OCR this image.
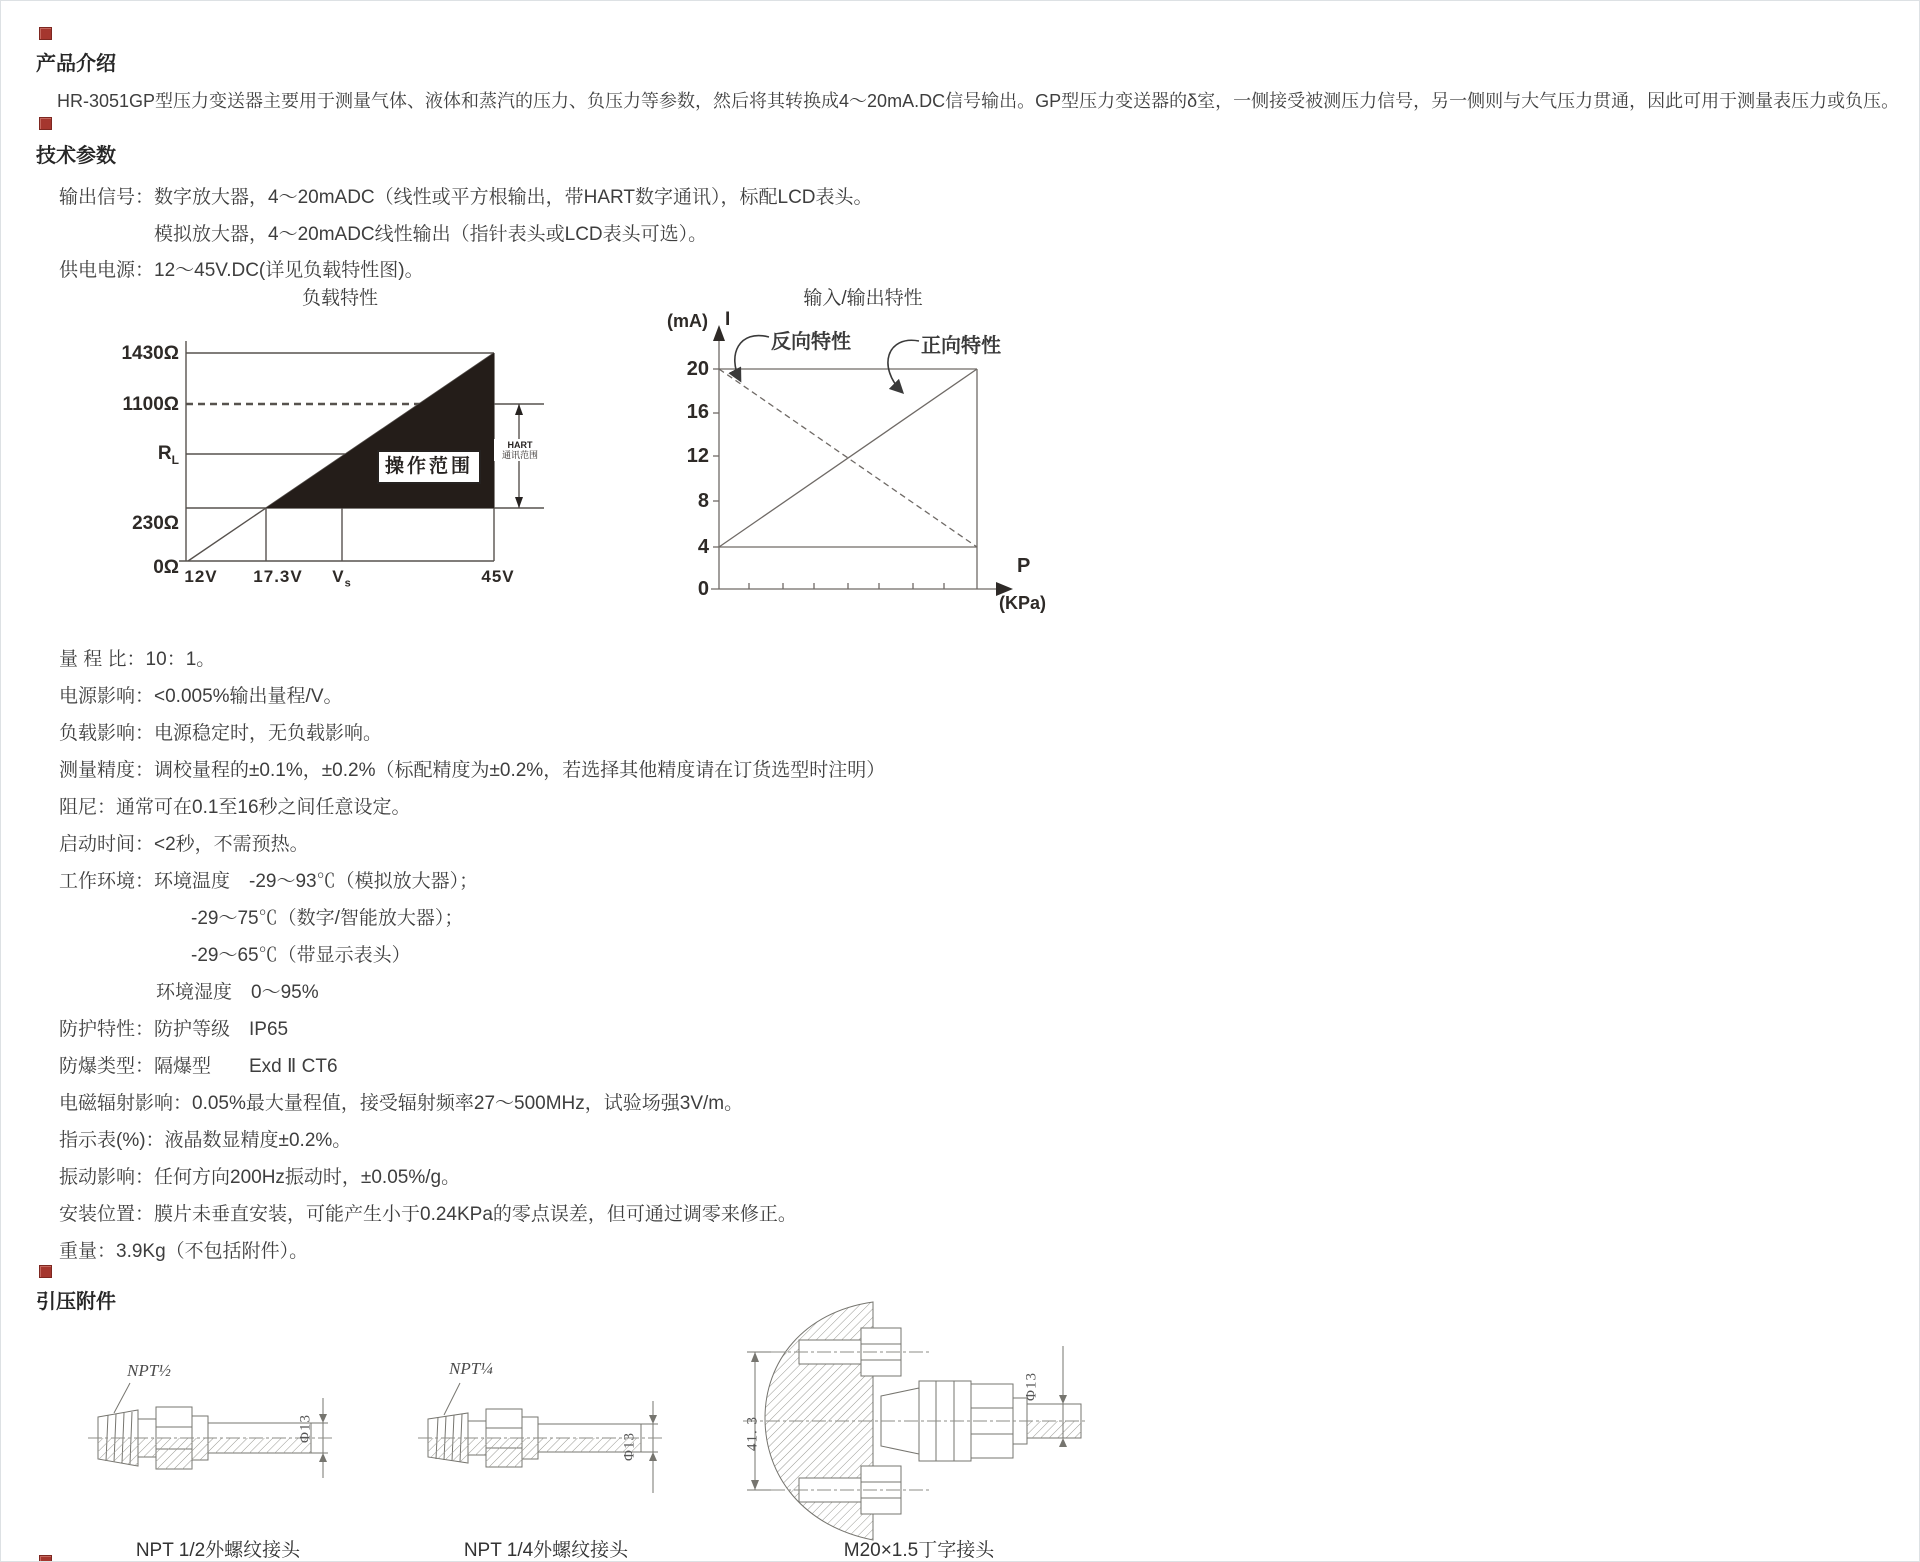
产品介绍
HR-3051GP型压力变送器主要用于测量气体、液体和蒸汽的压力、负压力等参数，然后将其转换成4～20mA.DC信号输出。GP型压力变送器的δ室，一侧接受被测压力信号，另一侧则与大气压力贯通，因此可用于测量表压力或负压。
技术参数
输出信号：数字放大器，4～20mADC（线性或平方根输出，带HART数字通讯），标配LCD表头。
模拟放大器，4～20mADC线性输出（指针表头或LCD表头可选）。
供电电源：12～45V.DC(详见负载特性图)。
负载特性
1430Ω
1100Ω
$R_L$
230Ω
0Ω 12V	17.3V	$V_s$	45V
操作范围
HART
通讯范围
输入/输出特性
(mA) I
20
16
12
8
4
0
反向特性	正向特性
P
(KPa)
量 程 比：10：1。
电源影响：<0.005%输出量程/V。
负载影响：电源稳定时，无负载影响。
测量精度：调校量程的±0.1%，±0.2%（标配精度为±0.2%，若选择其他精度请在订货选型时注明）
阻尼：通常可在0.1至16秒之间任意设定。
启动时间：<2秒，不需预热。
工作环境：环境温度　-29～93℃（模拟放大器）；
-29～75℃（数字/智能放大器）；
-29～65℃（带显示表头）
环境湿度　0～95%
防护特性：防护等级　IP65
防爆类型：隔爆型　　Exd Ⅱ CT6
电磁辐射影响：0.05%最大量程值，接受辐射频率27～500MHz，试验场强3V/m。
指示表(%)：液晶数显精度±0.2%。
振动影响：任何方向200Hz振动时，±0.05%/g。
安装位置：膜片未垂直安装，可能产生小于0.24KPa的零点误差，但可通过调零来修正。
重量：3.9Kg（不包括附件）。
引压附件
NPT½
Φ13
NPT¼
Φ13	41. 3
Φ13
NPT 1/2外螺纹接头	NPT 1/4外螺纹接头	M20×1.5丁字接头
